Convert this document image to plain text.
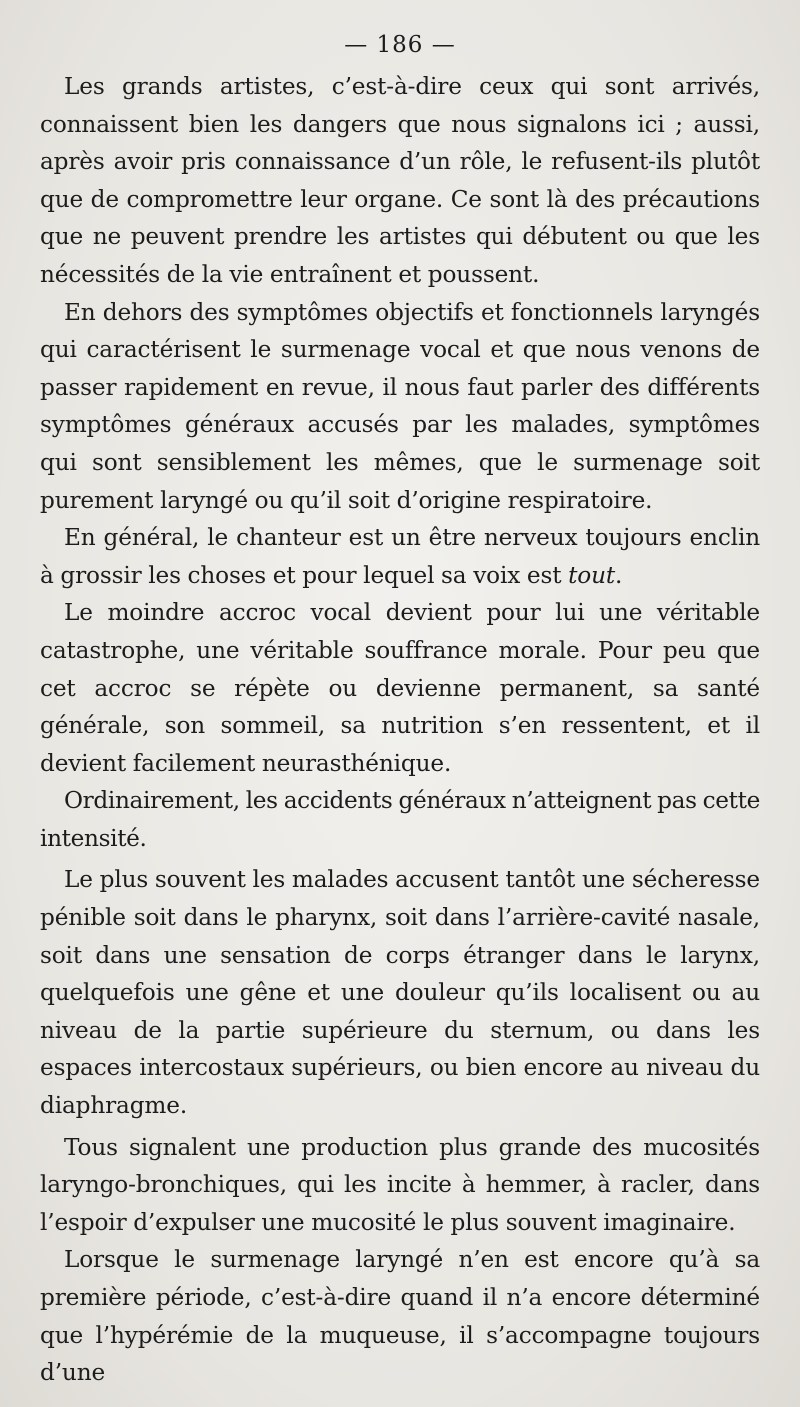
— 186 —

Les grands artistes, c’est-à-dire ceux qui sont arrivés, connaissent bien les dangers que nous signalons ici ; aussi, après avoir pris connaissance d’un rôle, le refusent-ils plutôt que de compromettre leur organe. Ce sont là des précautions que ne peuvent prendre les artistes qui débutent ou que les nécessités de la vie entraînent et poussent.

En dehors des symptômes objectifs et fonctionnels laryngés qui caractérisent le surmenage vocal et que nous venons de passer rapidement en revue, il nous faut parler des différents symptômes généraux accusés par les malades, symptômes qui sont sensiblement les mêmes, que le surmenage soit purement laryngé ou qu’il soit d’origine respiratoire.

En général, le chanteur est un être nerveux toujours enclin à grossir les choses et pour lequel sa voix est tout.

Le moindre accroc vocal devient pour lui une véritable catastrophe, une véritable souffrance morale. Pour peu que cet accroc se répète ou devienne permanent, sa santé générale, son sommeil, sa nutrition s’en ressentent, et il devient facilement neurasthénique.

Ordinairement, les accidents généraux n’atteignent pas cette intensité.

Le plus souvent les malades accusent tantôt une sécheresse pénible soit dans le pharynx, soit dans l’arrière-cavité nasale, soit dans une sensation de corps étranger dans le larynx, quelquefois une gêne et une douleur qu’ils localisent ou au niveau de la partie supérieure du sternum, ou dans les espaces intercostaux supérieurs, ou bien encore au niveau du diaphragme.

Tous signalent une production plus grande des mucosités laryngo-bronchiques, qui les incite à hemmer, à racler, dans l’espoir d’expulser une mucosité le plus souvent imaginaire.

Lorsque le surmenage laryngé n’en est encore qu’à sa première période, c’est-à-dire quand il n’a encore déterminé que l’hypérémie de la muqueuse, il s’accompagne toujours d’une
